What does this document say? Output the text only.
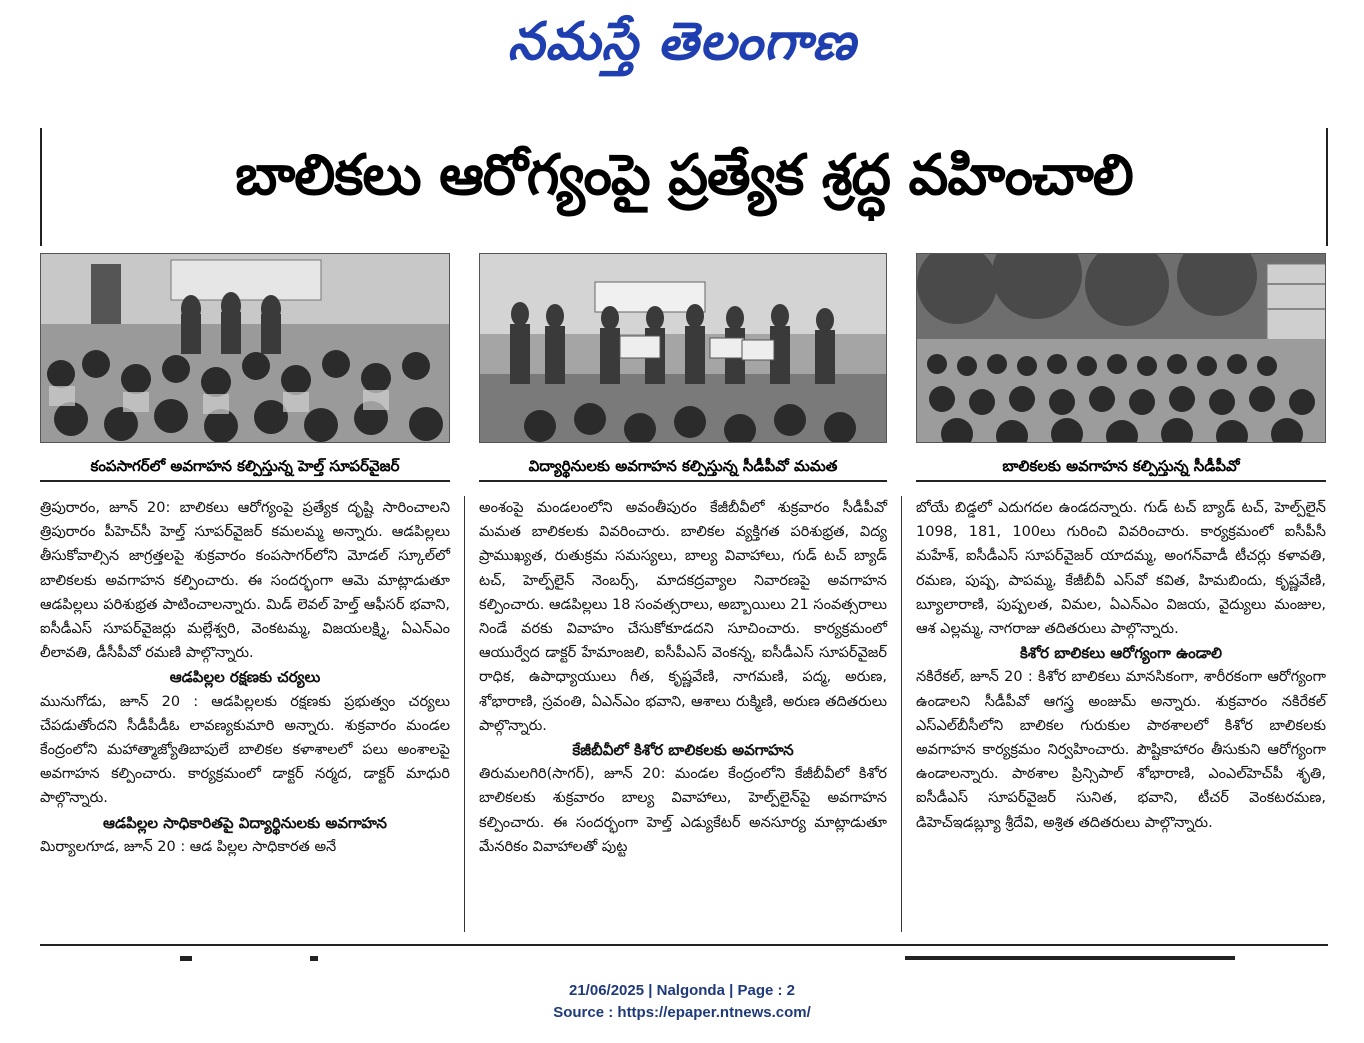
నమస్తే తెలంగాణ
బాలికలు ఆరోగ్యంపై ప్రత్యేక శ్రద్ధ వహించాలి
కంపసాగర్‌లో అవగాహన కల్పిస్తున్న హెల్త్ సూపర్‌వైజర్	విద్యార్థినులకు అవగాహన కల్పిస్తున్న సీడీపీవో మమత	బాలికలకు అవగాహన కల్పిస్తున్న సీడీపీవో

త్రిపురారం, జూన్ 20: బాలికలు ఆరోగ్యంపై ప్రత్యేక దృష్టి సారించాలని త్రిపురారం పీహెచ్‌సీ హెల్త్ సూపర్‌వైజర్ కమలమ్మ అన్నారు. ఆడపిల్లలు తీసుకోవాల్సిన జాగ్రత్తలపై శుక్రవారం కంపసాగర్‌లోని మోడల్ స్కూల్‌లో బాలికలకు అవగాహన కల్పించారు. ఈ సందర్భంగా ఆమె మాట్లాడుతూ ఆడపిల్లలు పరిశుభ్రత పాటించాలన్నారు. మిడ్ లెవల్ హెల్త్ ఆఫీసర్ భవాని, ఐసీడీఎస్ సూపర్‌వైజర్లు మల్లేశ్వరి, వెంకటమ్మ, విజయలక్ష్మి, ఏఎన్‌ఎం లీలావతి, డీసీపీవో రమణి పాల్గొన్నారు.

ఆడపిల్లల రక్షణకు చర్యలు

మునుగోడు, జూన్ 20 : ఆడపిల్లలకు రక్షణకు ప్రభుత్వం చర్యలు చేపడుతోందని సీడీపీడీఓ లావణ్యకుమారి అన్నారు. శుక్రవారం మండల కేంద్రంలోని మహాత్మాజ్యోతిబాపులే బాలికల కళాశాలలో పలు అంశాలపై అవగాహన కల్పించారు. కార్యక్రమంలో డాక్టర్ నర్మద, డాక్టర్ మాధురి పాల్గొన్నారు.

ఆడపిల్లల సాధికారితపై విద్యార్థినులకు అవగాహన

మిర్యాలగూడ, జూన్ 20 : ఆడ పిల్లల సాధికారత అనే

అంశంపై మండలంలోని అవంతీపురం కేజీబీవీలో శుక్రవారం సీడీపీవో మమత బాలికలకు వివరించారు. బాలికల వ్యక్తిగత పరిశుభ్రత, విద్య ప్రాముఖ్యత, రుతుక్రమ సమస్యలు, బాల్య వివాహాలు, గుడ్ టచ్ బ్యాడ్ టచ్, హెల్ప్‌లైన్ నెంబర్స్, మాదకద్రవ్యాల నివారణపై అవగాహన కల్పించారు. ఆడపిల్లలు 18 సంవత్సరాలు, అబ్బాయిలు 21 సంవత్సరాలు నిండే వరకు వివాహం చేసుకోకూడదని సూచించారు. కార్యక్రమంలో ఆయుర్వేద డాక్టర్ హేమాంజలి, ఐసీపీఎస్ వెంకన్న, ఐసీడీఎస్ సూపర్‌వైజర్ రాధిక, ఉపాధ్యాయులు గీత, కృష్ణవేణి, నాగమణి, పద్మ, అరుణ, శోభారాణి, స్రవంతి, ఏఎన్‌ఎం భవాని, ఆశాలు రుక్మిణి, అరుణ తదితరులు పాల్గొన్నారు.

కేజీబీవీలో కిశోర బాలికలకు అవగాహన

తిరుమలగిరి(సాగర్), జూన్ 20: మండల కేంద్రంలోని కేజీబీవీలో కిశోర బాలికలకు శుక్రవారం బాల్య వివాహాలు, హెల్ప్‌లైన్‌పై అవగాహన కల్పించారు. ఈ సందర్భంగా హెల్త్ ఎడ్యుకేటర్ అనసూర్య మాట్లాడుతూ మేనరికం వివాహాలతో పుట్ట

బోయే బిడ్డలో ఎదుగదల ఉండదన్నారు. గుడ్ టచ్ బ్యాడ్ టచ్, హెల్ప్‌లైన్ 1098, 181, 100లు గురించి వివరించారు. కార్యక్రమంలో ఐసీపీసీ మహేశ్, ఐసీడీఎస్ సూపర్‌వైజర్ యాదమ్మ, అంగన్‌వాడీ టీచర్లు కళావతి, రమణ, పుష్ప, పాపమ్మ, కేజీబీవీ ఎస్‌వో కవిత, హిమబిందు, కృష్ణవేణి, బ్యూలారాణి, పుష్పలత, విమల, ఏఎన్‌ఎం విజయ, వైద్యులు మంజుల, ఆశ ఎల్లమ్మ, నాగరాజు తదితరులు పాల్గొన్నారు.

కిశోర బాలికలు ఆరోగ్యంగా ఉండాలి

నకిరేకల్, జూన్ 20 : కిశోర బాలికలు మానసికంగా, శారీరకంగా ఆరోగ్యంగా ఉండాలని సీడీపీవో ఆగస్త్ర అంజుమ్ అన్నారు. శుక్రవారం నకిరేకల్ ఎస్‌ఎల్‌బీసీలోని బాలికల గురుకుల పాఠశాలలో కిశోర బాలికలకు అవగాహన కార్యక్రమం నిర్వహించారు. పౌష్టికాహారం తీసుకుని ఆరోగ్యంగా ఉండాలన్నారు. పాఠశాల ప్రిన్సిపాల్ శోభారాణి, ఎంఎల్‌హెచ్‌పీ శృతి, ఐసీడీఎస్ సూపర్‌వైజర్ సునిత, భవాని, టీచర్ వెంకటరమణ, డిహెచ్‌ఇడబ్ల్యూ శ్రీదేవి, అశ్రిత తదితరులు పాల్గొన్నారు.

21/06/2025 | Nalgonda | Page : 2
Source : https://epaper.ntnews.com/
